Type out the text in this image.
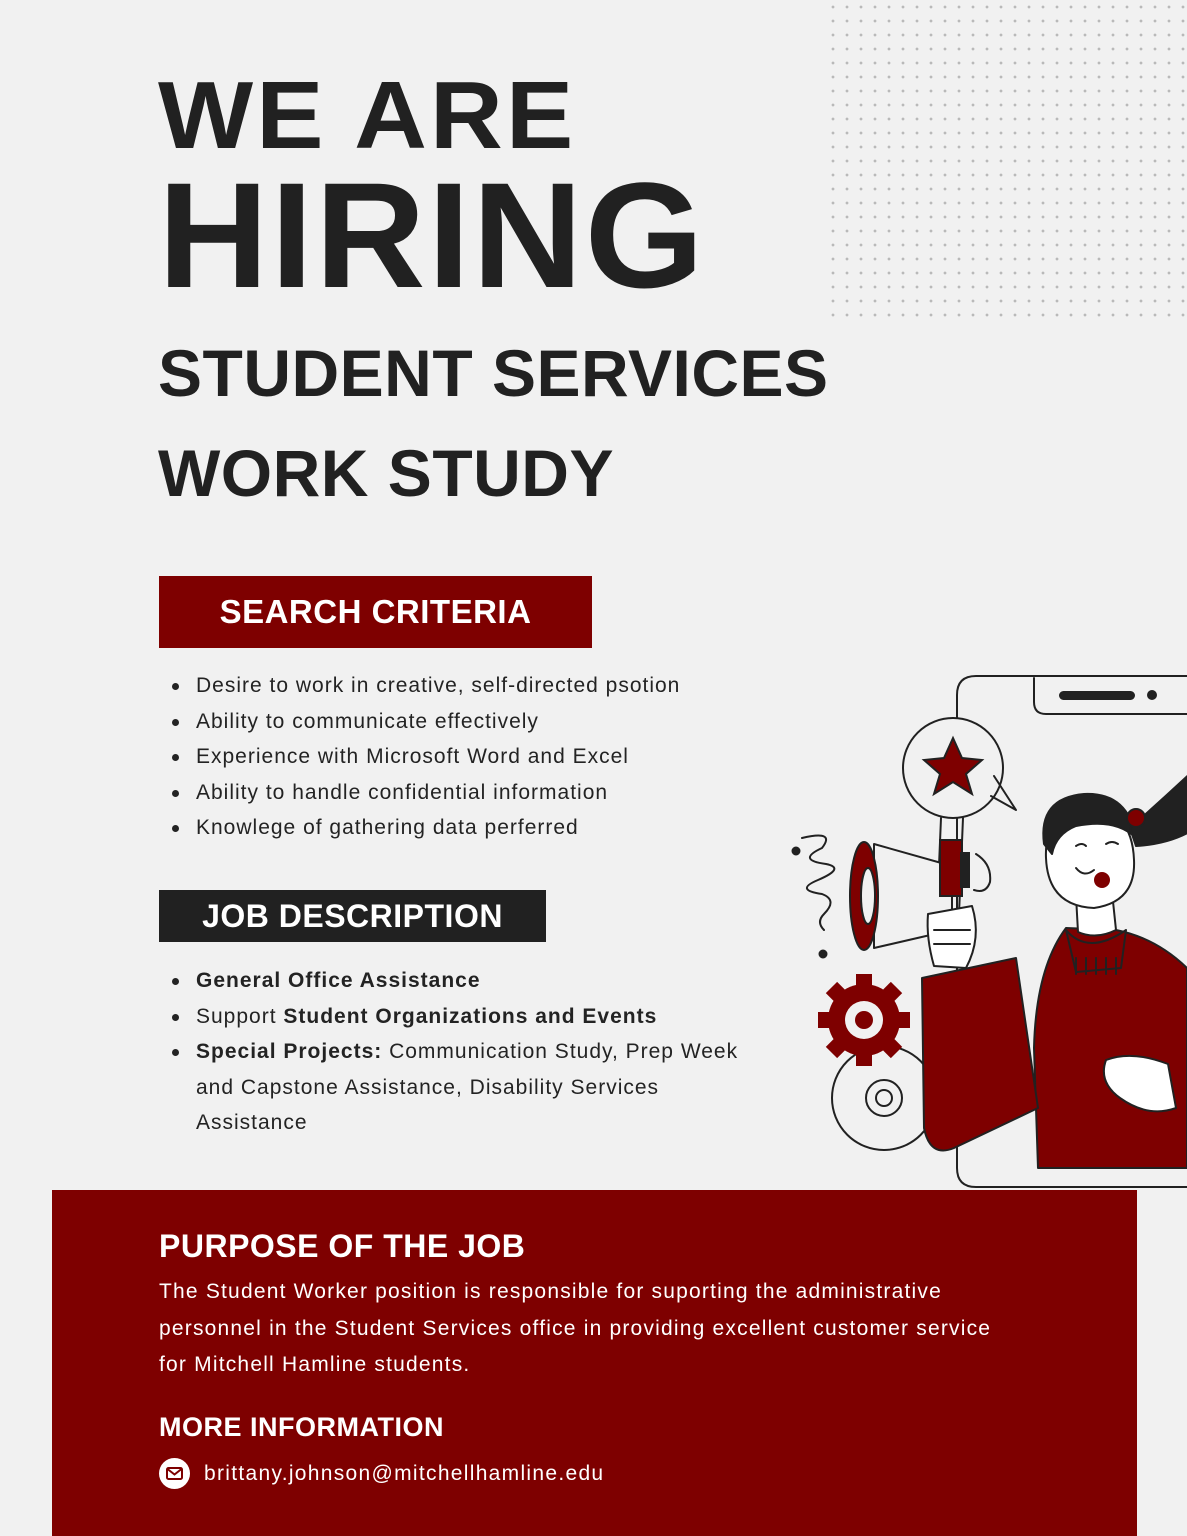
WE ARE
HIRING
STUDENT SERVICES
WORK STUDY
SEARCH CRITERIA
Desire to work in creative, self-directed psotion
Ability to communicate effectively
Experience with Microsoft Word and Excel
Ability to handle confidential information
Knowlege of gathering data perferred
JOB DESCRIPTION
General Office Assistance
Support Student Organizations and Events
Special Projects: Communication Study, Prep Week and Capstone Assistance, Disability Services Assistance
PURPOSE OF THE JOB

The Student Worker position is responsible for suporting the administrative personnel in the Student Services office in providing excellent customer service for Mitchell Hamline students.

MORE INFORMATION
brittany.johnson@mitchellhamline.edu
